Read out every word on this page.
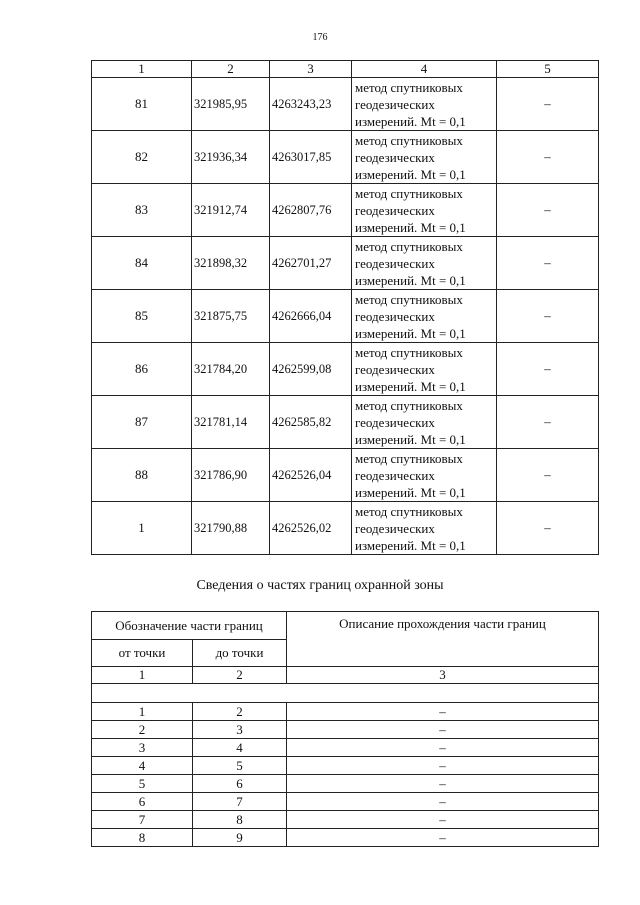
176
1	2	3	4	5
81	321985,95	4263243,23	метод спутниковых
геодезических
измерений. Mt = 0,1	–
82	321936,34	4263017,85	метод спутниковых
геодезических
измерений. Mt = 0,1	–
83	321912,74	4262807,76	метод спутниковых
геодезических
измерений. Mt = 0,1	–
84	321898,32	4262701,27	метод спутниковых
геодезических
измерений. Mt = 0,1	–
85	321875,75	4262666,04	метод спутниковых
геодезических
измерений. Mt = 0,1	–
86	321784,20	4262599,08	метод спутниковых
геодезических
измерений. Mt = 0,1	–
87	321781,14	4262585,82	метод спутниковых
геодезических
измерений. Mt = 0,1	–
88	321786,90	4262526,04	метод спутниковых
геодезических
измерений. Mt = 0,1	–
1	321790,88	4262526,02	метод спутниковых
геодезических
измерений. Mt = 0,1	–
Сведения о частях границ охранной зоны
Обозначение части границ		Описание прохождения части границ
от точки	до точки	
1	2	3

1	2	–
2	3	–
3	4	–
4	5	–
5	6	–
6	7	–
7	8	–
8	9	–
